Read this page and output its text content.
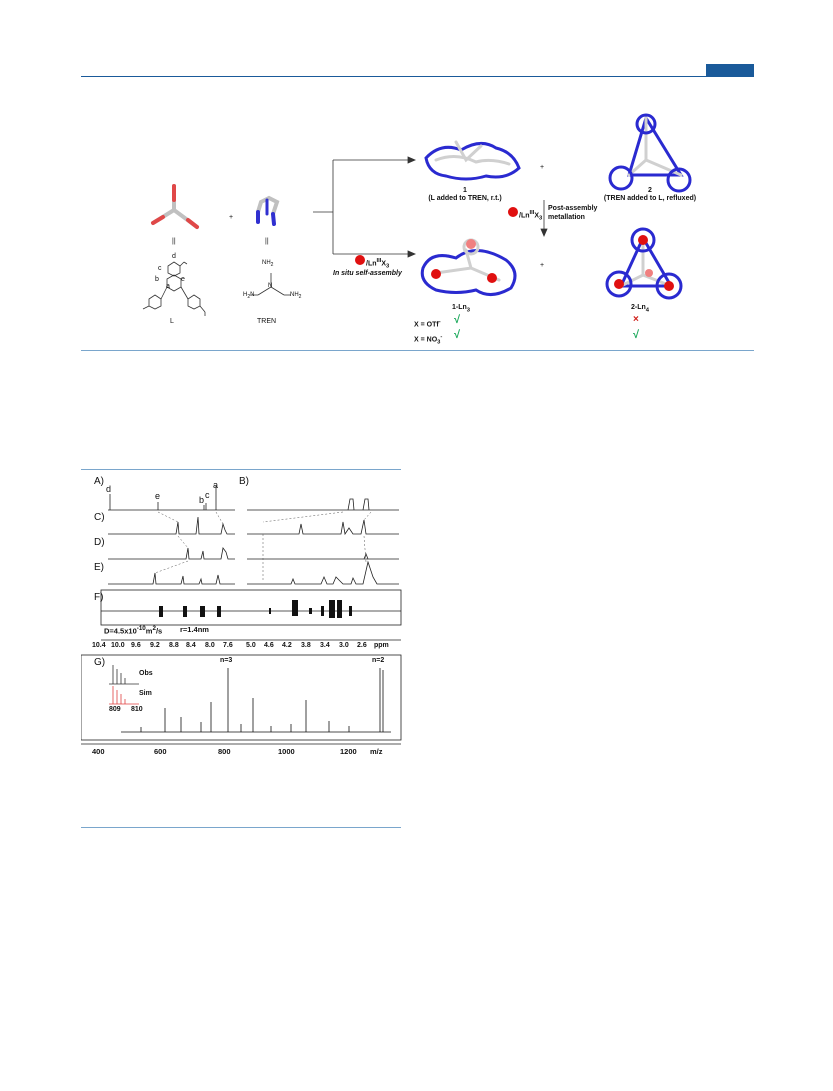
L	TREN
||	||
+
+
+
d
c
b	e
a
$NH_2$
N
$H_2N$	$NH_2$
1
(L added to TREN, r.t.)
2
(TREN added to L, refluxed)
$/Ln^{III}X_3$
Post-assembly
metallation
$/Ln^{III}X_3$
In situ self-assembly
$1-Ln_3$	$2-Ln_4$
X = OTf- √	×
$X = NO_3^-$ √	√
A)	B)
C)
D)
E)
F)
G)
d
e	b c
a
$D=4.5x10^{-10}m^2/s$ r=1.4nm
10.4 10.0 9.6 9.2 8.8 8.4 8.0 7.6 5.0 4.6 4.2 3.8 3.4 3.0 2.6 ppm
n=3	n=2
Obs
Sim
809 810
400	600	800	1000	1200 m/z
